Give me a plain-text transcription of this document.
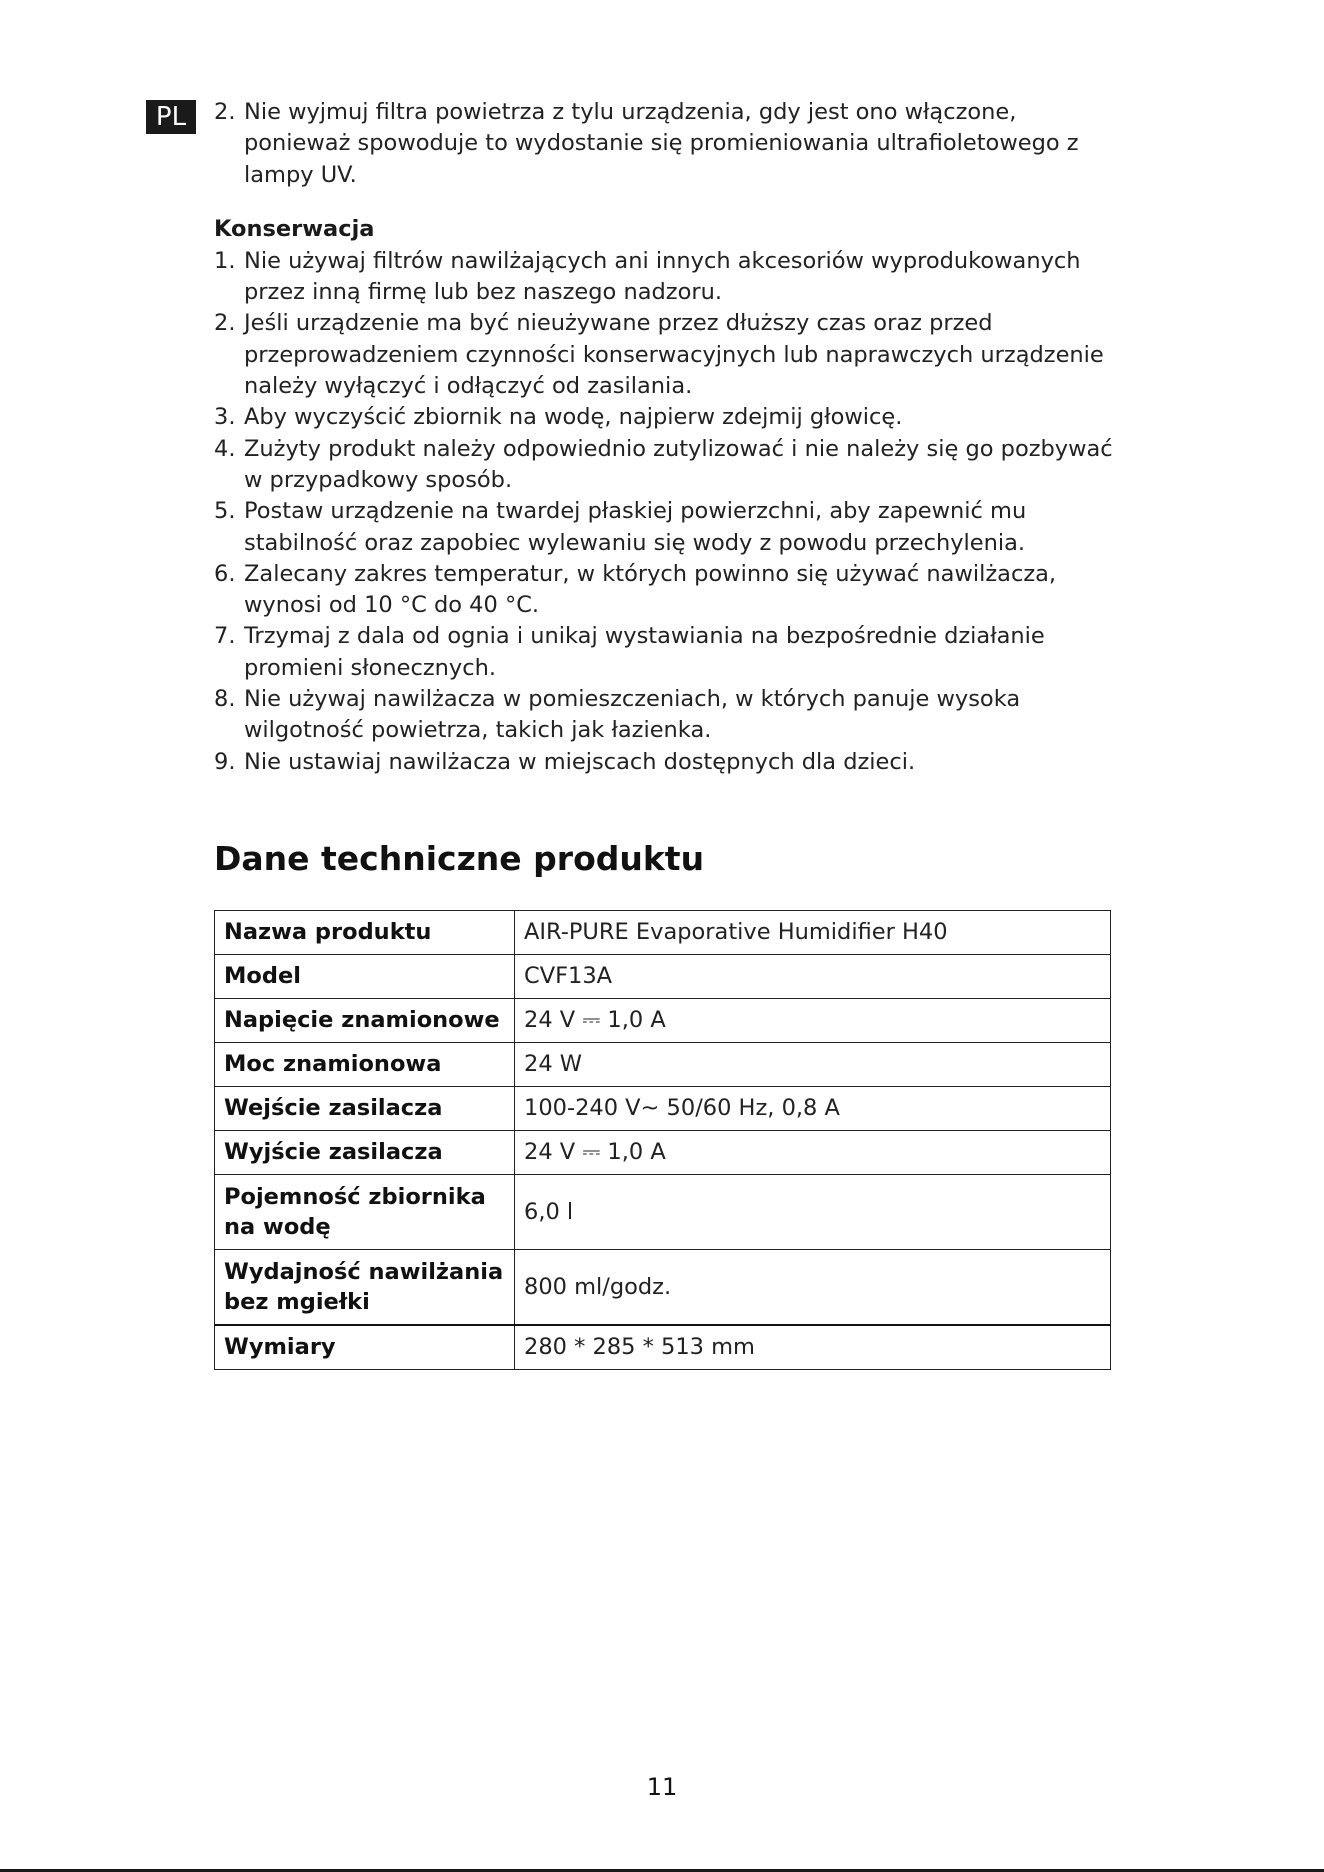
PL	2. Nie wyjmuj filtra powietrza z tylu urządzenia, gdy jest ono włączone, ponieważ spowoduje to wydostanie się promieniowania ultrafioletowego z lampy UV.
Konserwacja
1. Nie używaj filtrów nawilżających ani innych akcesoriów wyprodukowanych przez inną firmę lub bez naszego nadzoru.
2. Jeśli urządzenie ma być nieużywane przez dłuższy czas oraz przed przeprowadzeniem czynności konserwacyjnych lub naprawczych urządzenie należy wyłączyć i odłączyć od zasilania.
3. Aby wyczyścić zbiornik na wodę, najpierw zdejmij głowicę.
4. Zużyty produkt należy odpowiednio zutylizować i nie należy się go pozbywać w przypadkowy sposób.
5. Postaw urządzenie na twardej płaskiej powierzchni, aby zapewnić mu stabilność oraz zapobiec wylewaniu się wody z powodu przechylenia.
6. Zalecany zakres temperatur, w których powinno się używać nawilżacza, wynosi od 10 °C do 40 °C.
7. Trzymaj z dala od ognia i unikaj wystawiania na bezpośrednie działanie promieni słonecznych.
8. Nie używaj nawilżacza w pomieszczeniach, w których panuje wysoka wilgotność powietrza, takich jak łazienka.
9. Nie ustawiaj nawilżacza w miejscach dostępnych dla dzieci.
Dane techniczne produktu
Nazwa produktu	AIR-PURE Evaporative Humidifier H40
Model	CVF13A
Napięcie znamionowe	24 V ⎓ 1,0 A
Moc znamionowa	24 W
Wejście zasilacza	100-240 V~ 50/60 Hz, 0,8 A
Wyjście zasilacza	24 V ⎓ 1,0 A
Pojemność zbiornika na wodę	6,0 l
Wydajność nawilżania bez mgiełki	800 ml/godz.
Wymiary	280 * 285 * 513 mm
11
